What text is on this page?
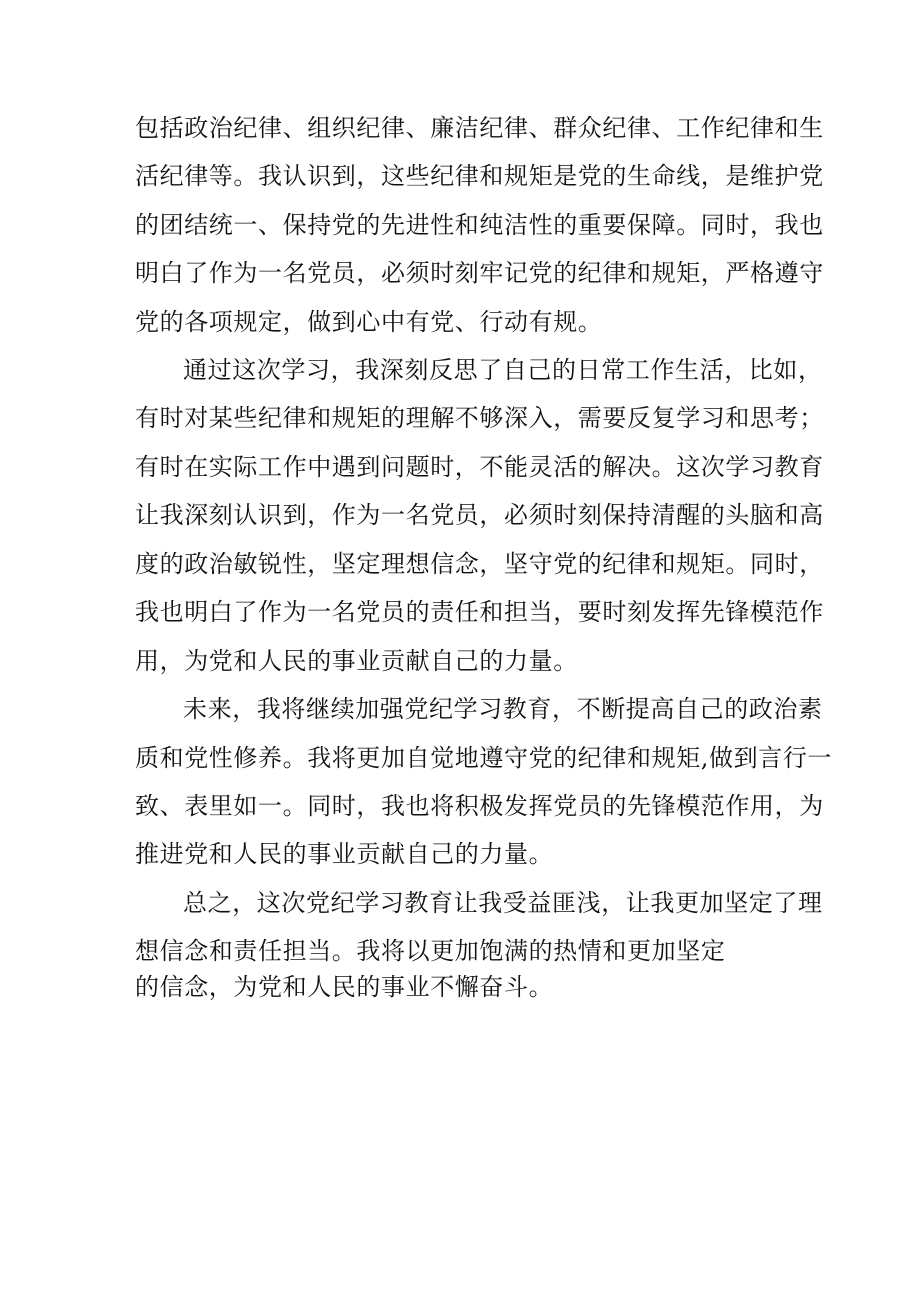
包括政治纪律、组织纪律、廉洁纪律、群众纪律、工作纪律和生
活纪律等。我认识到，这些纪律和规矩是党的生命线，是维护党
的团结统一、保持党的先进性和纯洁性的重要保障。同时，我也
明白了作为一名党员，必须时刻牢记党的纪律和规矩，严格遵守
党的各项规定，做到心中有党、行动有规。
通过这次学习，我深刻反思了自己的日常工作生活，比如，
有时对某些纪律和规矩的理解不够深入，需要反复学习和思考；
有时在实际工作中遇到问题时，不能灵活的解决。这次学习教育
让我深刻认识到，作为一名党员，必须时刻保持清醒的头脑和高
度的政治敏锐性，坚定理想信念，坚守党的纪律和规矩。同时，
我也明白了作为一名党员的责任和担当，要时刻发挥先锋模范作
用，为党和人民的事业贡献自己的力量。
未来，我将继续加强党纪学习教育，不断提高自己的政治素
质和党性修养。我将更加自觉地遵守党的纪律和规矩,做到言行一
致、表里如一。同时，我也将积极发挥党员的先锋模范作用，为
推进党和人民的事业贡献自己的力量。
总之，这次党纪学习教育让我受益匪浅，让我更加坚定了理
想信念和责任担当。我将以更加饱满的热情和更加坚定
的信念，为党和人民的事业不懈奋斗。
